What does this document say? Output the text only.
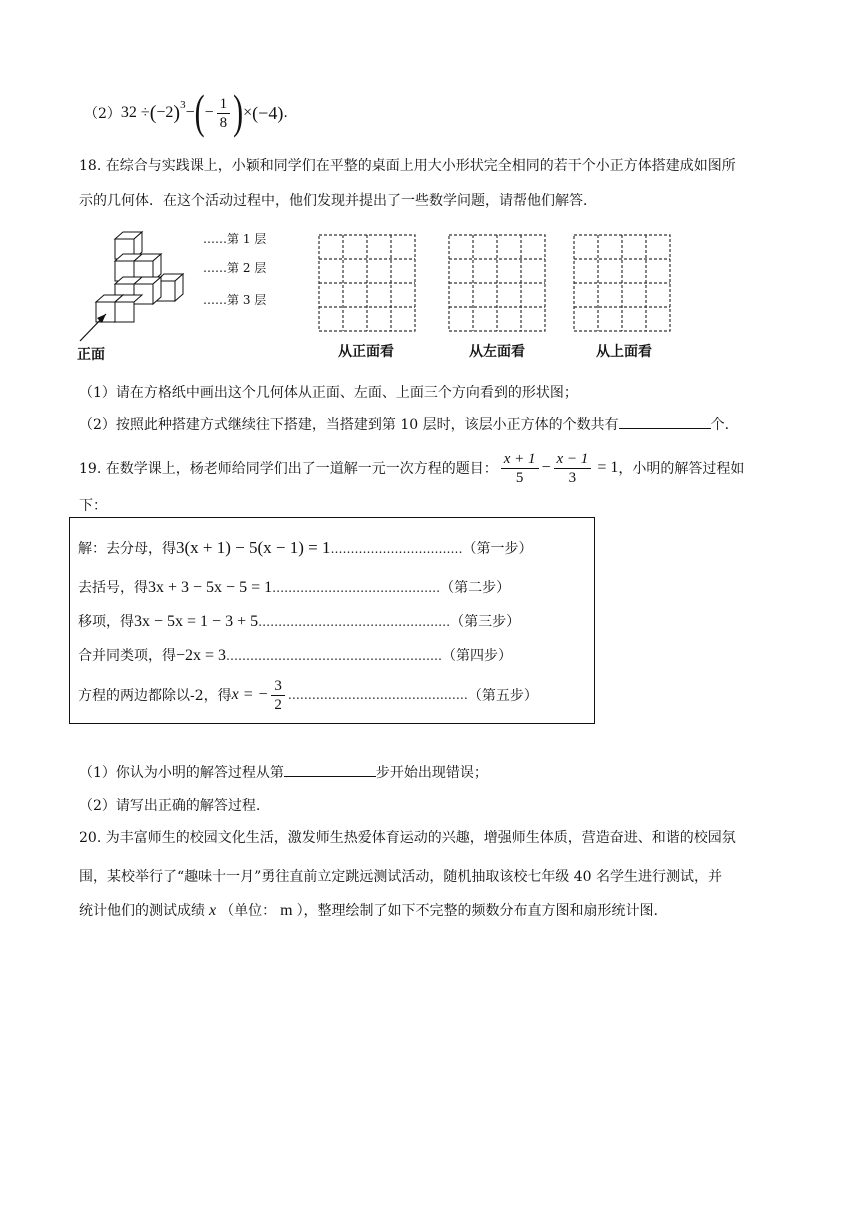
（2） 32 ÷ ( −2 )$^3$ − ( − $\frac{1}{8}$ ) × (−4) .
18. 在综合与实践课上，小颖和同学们在平整的桌面上用大小形状完全相同的若干个小正方体搭建成如图所
示的几何体．在这个活动过程中，他们发现并提出了一些数学问题，请帮他们解答．
正面
……第 1 层
……第 2 层
……第 3 层
从正面看	从左面看	从上面看
（1）请在方格纸中画出这个几何体从正面、左面、上面三个方向看到的形状图；
（2）按照此种搭建方式继续往下搭建，当搭建到第 10 层时，该层小正方体的个数共有	个.
19. 在数学课上，杨老师给同学们出了一道解一元一次方程的题目： $\frac{x + 1}{5} - \frac{x - 1}{3} = 1$ ，小明的解答过程如
下：
解：去分母，得3(x + 1) − 5(x − 1) = 1……………………………（第一步）
去括号，得3x + 3 − 5x − 5 = 1……………………………………（第二步）
移项，得3x − 5x = 1 − 3 + 5…………………………………………（第三步）
合并同类项，得−2x = 3………………………………………………（第四步）
方程的两边都除以-2，得 x = − $\frac{3}{2}$ ……………………………………… （第五步）
（1）你认为小明的解答过程从第	步开始出现错误；
（2）请写出正确的解答过程.
20. 为丰富师生的校园文化生活，激发师生热爱体育运动的兴趣，增强师生体质，营造奋进、和谐的校园氛
围，某校举行了“趣味十一月”勇往直前立定跳远测试活动，随机抽取该校七年级 40 名学生进行测试，并
统计他们的测试成绩 x （单位： m ），整理绘制了如下不完整的频数分布直方图和扇形统计图.
